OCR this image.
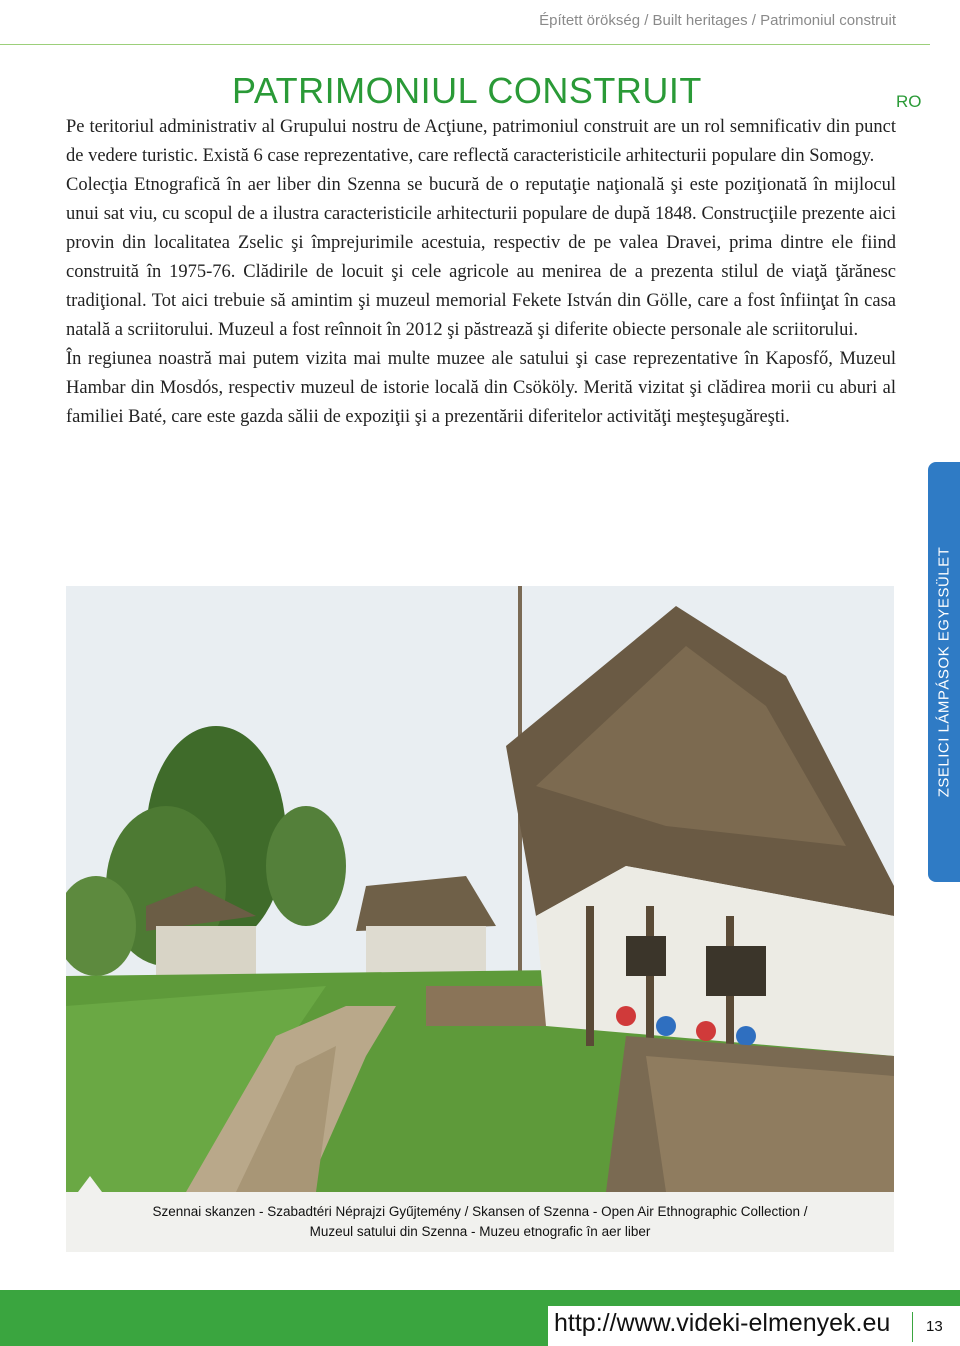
Épített örökség / Built heritages / Patrimoniul construit
PATRIMONIUL CONSTRUIT	RO

Pe teritoriul administrativ al Grupului nostru de Acţiune, patrimoniul construit are un rol semnificativ din punct de vedere turistic. Există 6 case reprezentative, care reflectă caracteristicile arhitecturii populare din Somogy.

Colecţia Etnografică în aer liber din Szenna se bucură de o reputaţie naţională şi este poziţionată în mijlocul unui sat viu, cu scopul de a ilustra caracteristicile arhitecturii populare de după 1848. Construcţiile prezente aici provin din localitatea Zselic şi împrejurimile acestuia, respectiv de pe valea Dravei, prima dintre ele fiind construită în 1975-76. Clădirile de locuit şi cele agricole au menirea de a prezenta stilul de viaţă ţărănesc tradiţional. Tot aici trebuie să amintim şi muzeul memorial Fekete István din Gölle, care a fost înfiinţat în casa natală a scriitorului. Muzeul a fost reînnoit în 2012 şi păstrează şi diferite obiecte personale ale scriitorului.

În regiunea noastră mai putem vizita mai multe muzee ale satului şi case reprezentative în Kaposfő, Muzeul Hambar din Mosdós, respectiv muzeul de istorie locală din Csököly. Merită vizitat şi clădirea morii cu aburi al familiei Baté, care este gazda sălii de expoziţii şi a prezentării diferitelor activităţi meşteşugăreşti.

ZSELICI LÁMPÁSOK EGYESÜLET
Szennai skanzen - Szabadtéri Néprajzi Gyűjtemény / Skansen of Szenna - Open Air Ethnographic Collection /
Muzeul satului din Szenna - Muzeu etnografic în aer liber
http://www.videki-elmenyek.eu 13
